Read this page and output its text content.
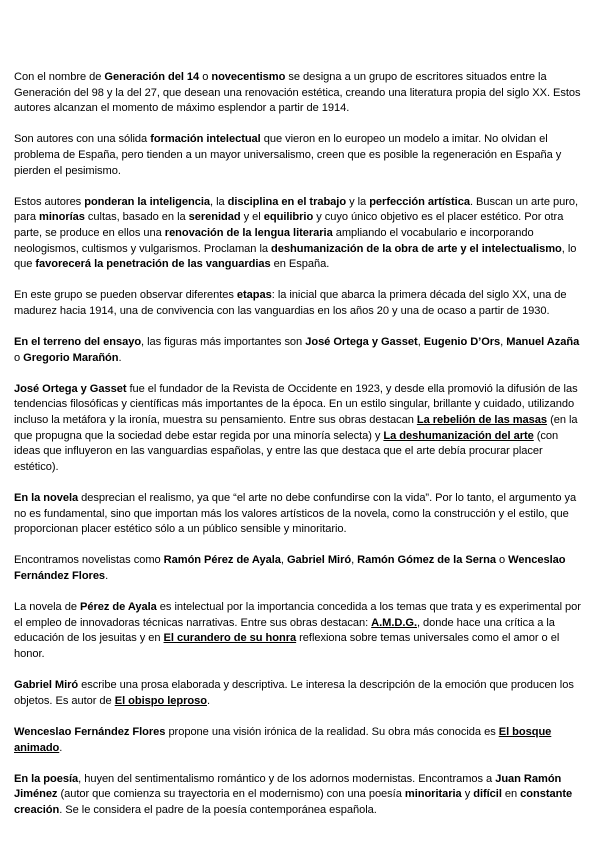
Con el nombre de Generación del 14 o novecentismo se designa a un grupo de escritores situados entre la Generación del 98 y la del 27, que desean una renovación estética, creando una literatura propia del siglo XX. Estos autores alcanzan el momento de máximo esplendor a partir de 1914.

Son autores con una sólida formación intelectual que vieron en lo europeo un modelo a imitar. No olvidan el problema de España, pero tienden a un mayor universalismo, creen que es posible la regeneración en España y pierden el pesimismo.

Estos autores ponderan la inteligencia, la disciplina en el trabajo y la perfección artística. Buscan un arte puro, para minorías cultas, basado en la serenidad y el equilibrio y cuyo único objetivo es el placer estético. Por otra parte, se produce en ellos una renovación de la lengua literaria ampliando el vocabulario e incorporando neologismos, cultismos y vulgarismos. Proclaman la deshumanización de la obra de arte y el intelectualismo, lo que favorecerá la penetración de las vanguardias en España.

En este grupo se pueden observar diferentes etapas: la inicial que abarca la primera década del siglo XX, una de madurez hacia 1914, una de convivencia con las vanguardias en los años 20 y una de ocaso a partir de 1930.

En el terreno del ensayo, las figuras más importantes son José Ortega y Gasset, Eugenio D’Ors, Manuel Azaña o Gregorio Marañón.

José Ortega y Gasset fue el fundador de la Revista de Occidente en 1923, y desde ella promovió la difusión de las tendencias filosóficas y científicas más importantes de la época. En un estilo singular, brillante y cuidado, utilizando incluso la metáfora y la ironía, muestra su pensamiento. Entre sus obras destacan La rebelión de las masas (en la que propugna que la sociedad debe estar regida por una minoría selecta) y La deshumanización del arte (con ideas que influyeron en las vanguardias españolas, y entre las que destaca que el arte debía procurar placer estético).

En la novela desprecian el realismo, ya que “el arte no debe confundirse con la vida”. Por lo tanto, el argumento ya no es fundamental, sino que importan más los valores artísticos de la novela, como la construcción y el estilo, que proporcionan placer estético sólo a un público sensible y minoritario.

Encontramos novelistas como Ramón Pérez de Ayala, Gabriel Miró, Ramón Gómez de la Serna o Wenceslao Fernández Flores.

La novela de Pérez de Ayala es intelectual por la importancia concedida a los temas que trata y es experimental por el empleo de innovadoras técnicas narrativas. Entre sus obras destacan: A.M.D.G., donde hace una crítica a la educación de los jesuitas y en El curandero de su honra reflexiona sobre temas universales como el amor o el honor.

Gabriel Miró escribe una prosa elaborada y descriptiva. Le interesa la descripción de la emoción que producen los objetos. Es autor de El obispo leproso.

Wenceslao Fernández Flores propone una visión irónica de la realidad. Su obra más conocida es El bosque animado.

En la poesía, huyen del sentimentalismo romántico y de los adornos modernistas. Encontramos a Juan Ramón Jiménez (autor que comienza su trayectoria en el modernismo) con una poesía minoritaria y difícil en constante creación. Se le considera el padre de la poesía contemporánea española.
